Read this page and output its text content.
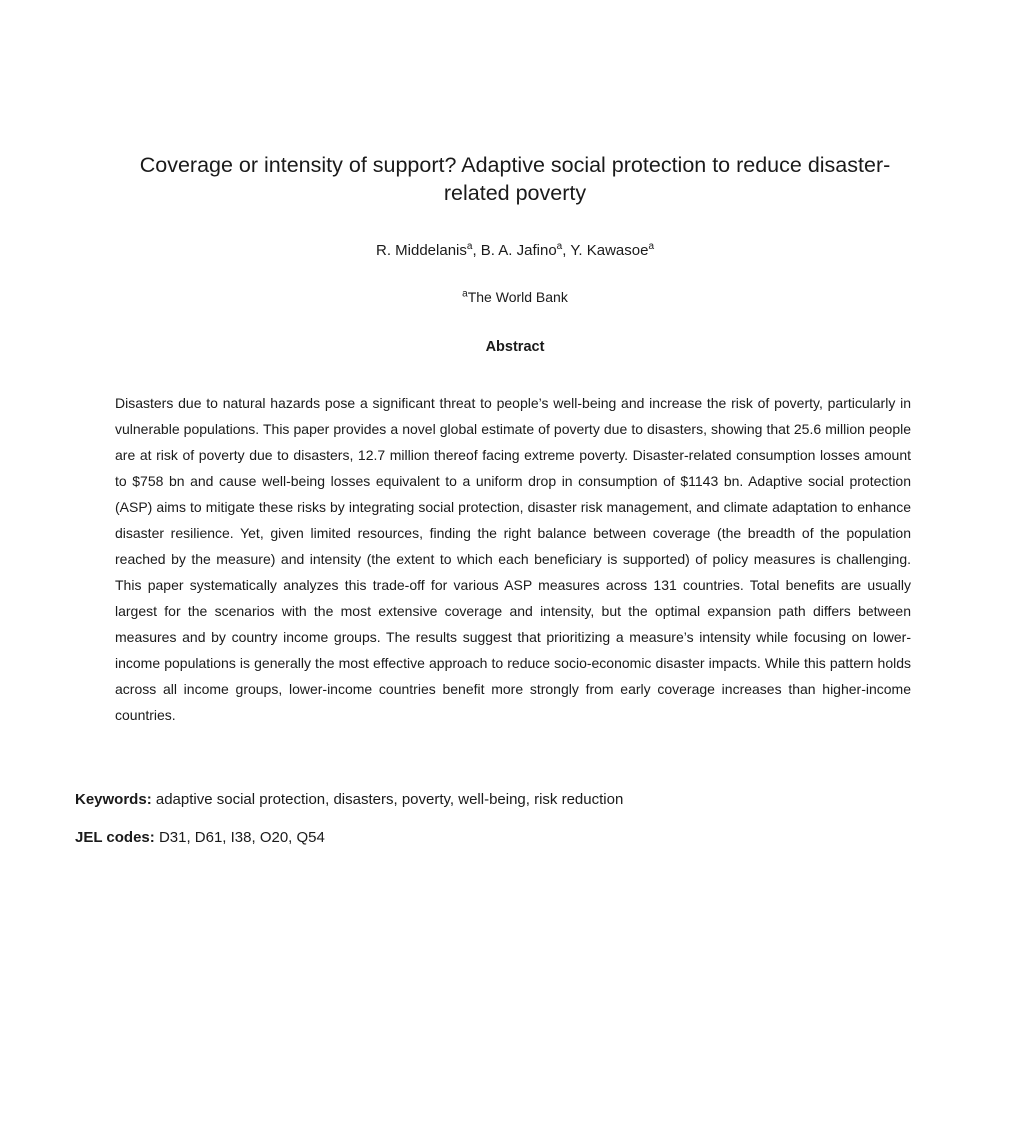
Coverage or intensity of support? Adaptive social protection to reduce disaster-related poverty
R. Middelanis$^a$, B. A. Jafino$^a$, Y. Kawasoe$^a$
$^a$The World Bank
Abstract

Disasters due to natural hazards pose a significant threat to people’s well-being and increase the risk of poverty, particularly in vulnerable populations. This paper provides a novel global estimate of poverty due to disasters, showing that 25.6 million people are at risk of poverty due to disasters, 12.7 million thereof facing extreme poverty. Disaster-related consumption losses amount to $758 bn and cause well-being losses equivalent to a uniform drop in consumption of $1143 bn. Adaptive social protection (ASP) aims to mitigate these risks by integrating social protection, disaster risk management, and climate adaptation to enhance disaster resilience. Yet, given limited resources, finding the right balance between coverage (the breadth of the population reached by the measure) and intensity (the extent to which each beneficiary is supported) of policy measures is challenging. This paper systematically analyzes this trade-off for various ASP measures across 131 countries. Total benefits are usually largest for the scenarios with the most extensive coverage and intensity, but the optimal expansion path differs between measures and by country income groups. The results suggest that prioritizing a measure’s intensity while focusing on lower-income populations is generally the most effective approach to reduce socio-economic disaster impacts. While this pattern holds across all income groups, lower-income countries benefit more strongly from early coverage increases than higher-income countries.

Keywords: adaptive social protection, disasters, poverty, well-being, risk reduction
JEL codes: D31, D61, I38, O20, Q54
